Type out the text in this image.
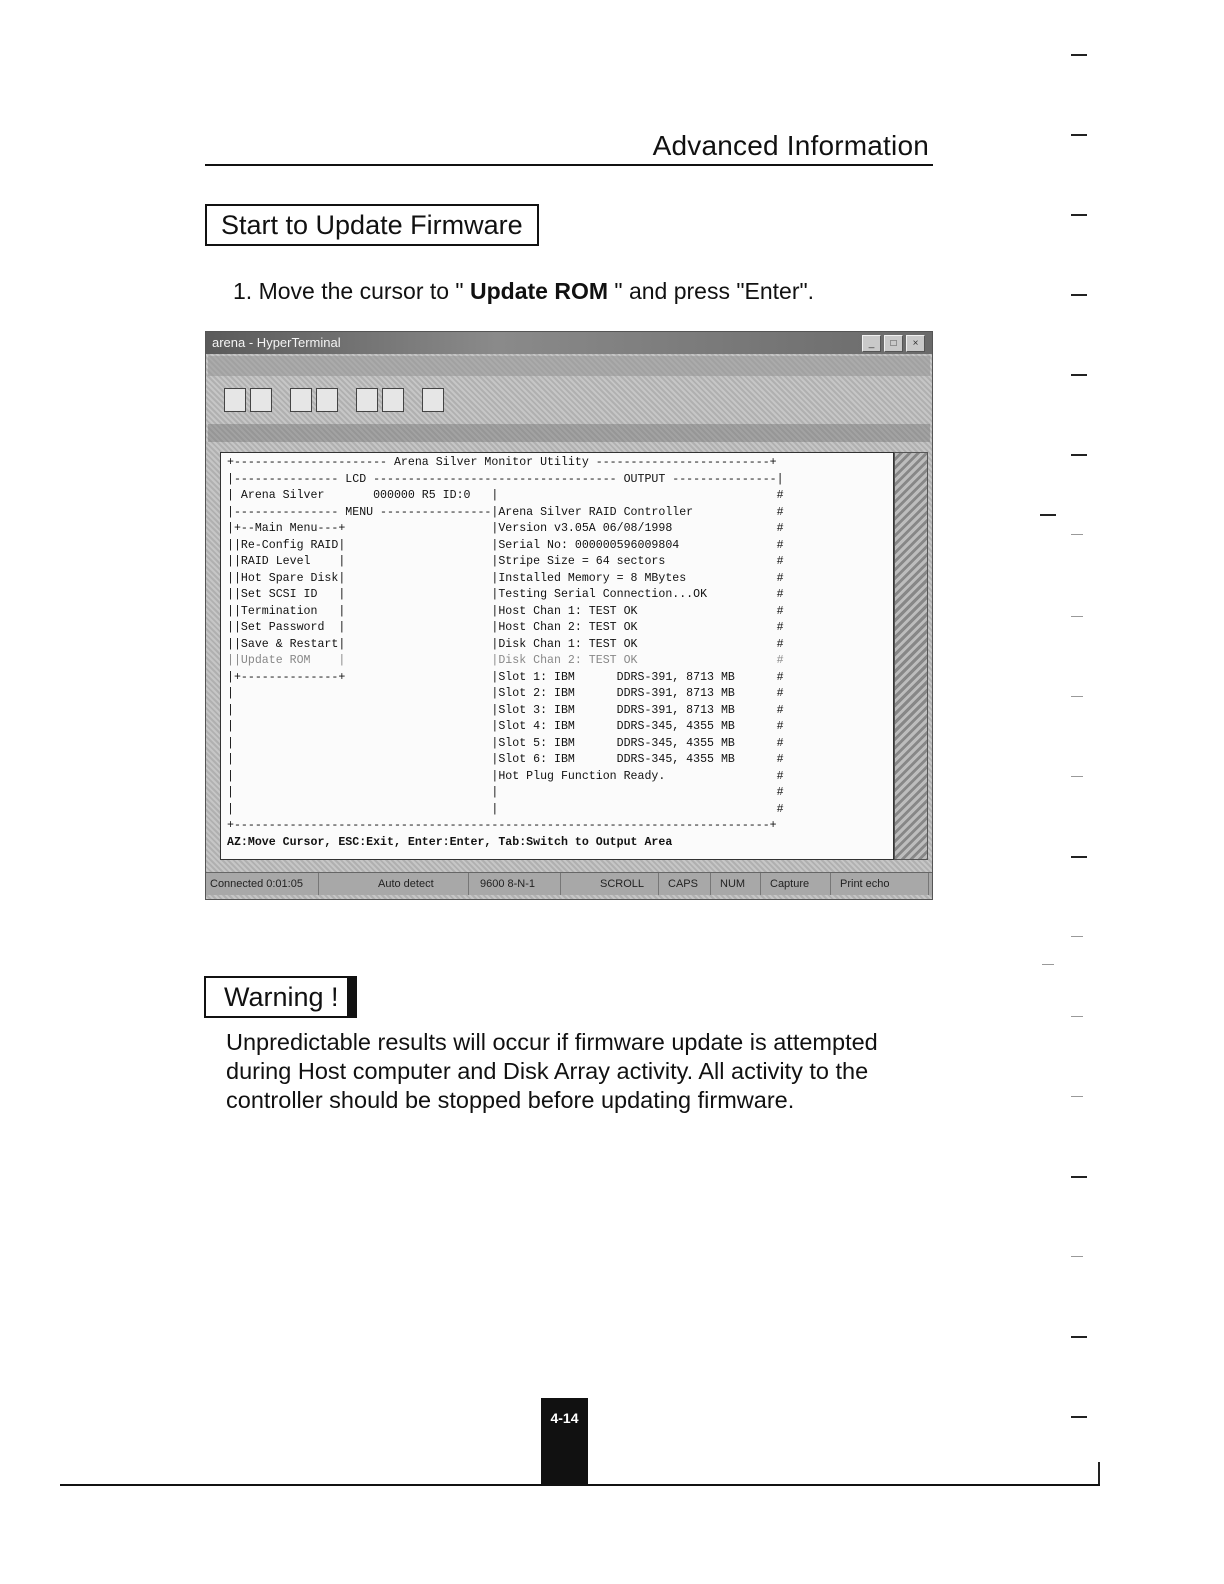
Advanced Information
Start to Update Firmware
1. Move the cursor to " Update ROM " and press "Enter".
arena - HyperTerminal	_	□	×
+---------------------- Arena Silver Monitor Utility -------------------------+
|--------------- LCD ----------------------------------- OUTPUT ---------------|
| Arena Silver       000000 R5 ID:0   |                                        #
|--------------- MENU ----------------|Arena Silver RAID Controller            #
|+--Main Menu---+                     |Version v3.05A 06/08/1998               #
||Re-Config RAID|                     |Serial No: 000000596009804              #
||RAID Level    |                     |Stripe Size = 64 sectors                #
||Hot Spare Disk|                     |Installed Memory = 8 MBytes             #
||Set SCSI ID   |                     |Testing Serial Connection...OK          #
||Termination   |                     |Host Chan 1: TEST OK                    #
||Set Password  |                     |Host Chan 2: TEST OK                    #
||Save & Restart|                     |Disk Chan 1: TEST OK                    #
||Update ROM    |                     |Disk Chan 2: TEST OK                    #
|+--------------+                     |Slot 1: IBM      DDRS-391, 8713 MB      #
|                                     |Slot 2: IBM      DDRS-391, 8713 MB      #
|                                     |Slot 3: IBM      DDRS-391, 8713 MB      #
|                                     |Slot 4: IBM      DDRS-345, 4355 MB      #
|                                     |Slot 5: IBM      DDRS-345, 4355 MB      #
|                                     |Slot 6: IBM      DDRS-345, 4355 MB      #
|                                     |Hot Plug Function Ready.                #
|                                     |                                        #
|                                     |                                        #
+-----------------------------------------------------------------------------+
AZ:Move Cursor, ESC:Exit, Enter:Enter, Tab:Switch to Output Area
Connected 0:01:05	Auto detect	9600 8-N-1	SCROLL	CAPS	NUM	Capture	Print echo
Warning !
Unpredictable results will occur if firmware update is attempted during Host computer and Disk Array activity. All activity to the controller should be stopped before updating firmware.
4-14
